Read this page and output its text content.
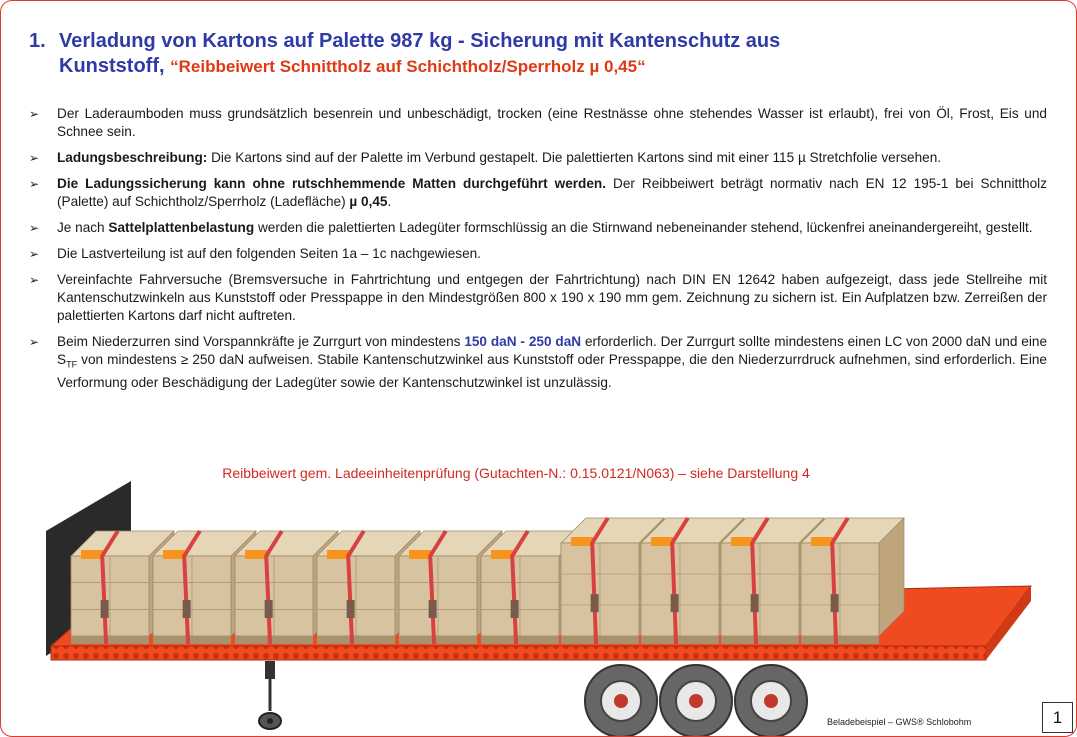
1. Verladung von Kartons auf Palette 987 kg - Sicherung mit Kantenschutz aus
Kunststoff, “Reibbeiwert Schnittholz auf Schichtholz/Sperrholz µ 0,45“
➢ Der Laderaumboden muss grundsätzlich besenrein und unbeschädigt, trocken (eine Restnässe ohne stehendes Wasser ist erlaubt), frei von Öl, Frost, Eis und Schnee sein.
➢ Ladungsbeschreibung: Die Kartons sind auf der Palette im Verbund gestapelt. Die palettierten Kartons sind mit einer 115 µ Stretchfolie versehen.
➢ Die Ladungssicherung kann ohne rutschhemmende Matten durchgeführt werden. Der Reibbeiwert beträgt normativ nach EN 12 195-1 bei Schnittholz (Palette) auf Schichtholz/Sperrholz (Ladefläche) µ 0,45.
➢ Je nach Sattelplattenbelastung werden die palettierten Ladegüter formschlüssig an die Stirnwand nebeneinander stehend, lückenfrei aneinandergereiht, gestellt.
➢ Die Lastverteilung ist auf den folgenden Seiten 1a – 1c nachgewiesen.
➢ Vereinfachte Fahrversuche (Bremsversuche in Fahrtrichtung und entgegen der Fahrtrichtung) nach DIN EN 12642 haben aufgezeigt, dass jede Stellreihe mit Kantenschutzwinkeln aus Kunststoff oder Presspappe in den Mindestgrößen 800 x 190 x 190 mm gem. Zeichnung zu sichern ist. Ein Aufplatzen bzw. Zerreißen der palettierten Kartons darf nicht auftreten.
➢ Beim Niederzurren sind Vorspannkräfte je Zurrgurt von mindestens 150 daN - 250 daN erforderlich. Der Zurrgurt sollte mindestens einen LC von 2000 daN und eine $S_{TF}$ von mindestens ≥ 250 daN aufweisen. Stabile Kantenschutzwinkel aus Kunststoff oder Presspappe, die den Niederzurrdruck aufnehmen, sind erforderlich. Eine Verformung oder Beschädigung der Ladegüter sowie der Kantenschutzwinkel ist unzulässig.
Reibbeiwert gem. Ladeeinheitenprüfung (Gutachten-N.: 0.15.0121/N063) – siehe Darstellung 4
Beladebeispiel – GWS® Schlobohm	1
